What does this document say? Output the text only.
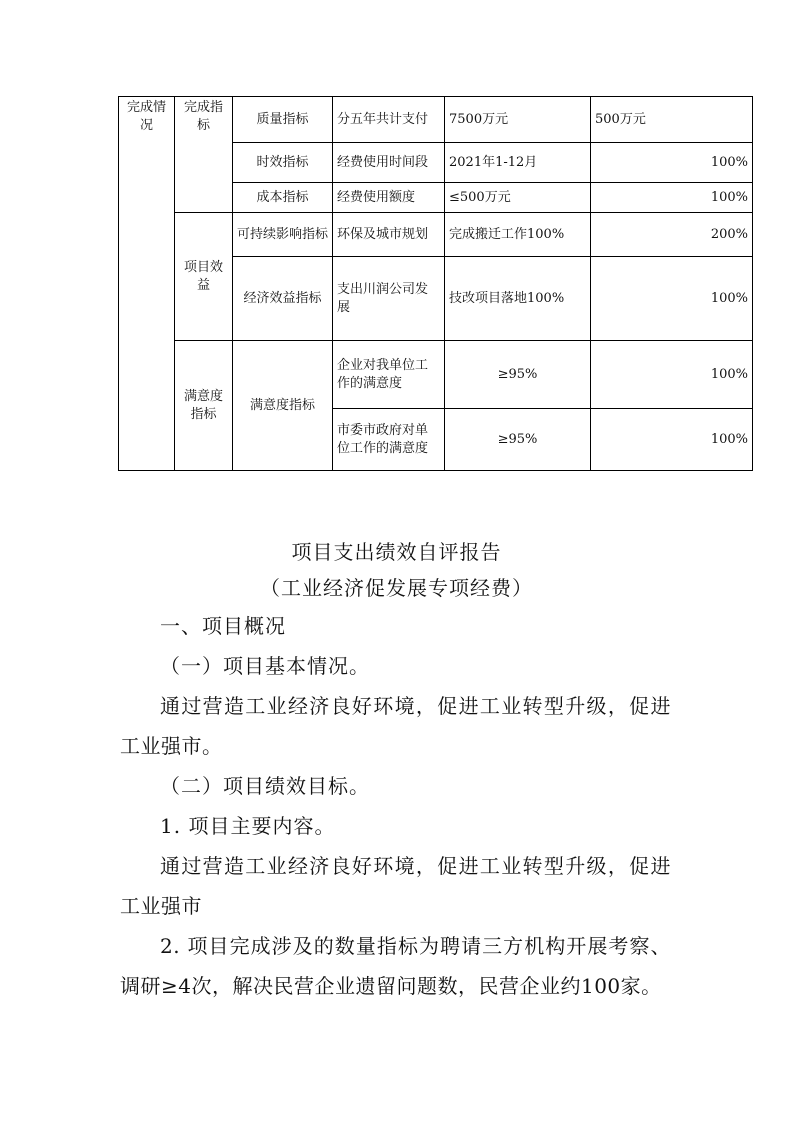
完成情况	完成指标	质量指标	分五年共计支付	7500万元	500万元
		时效指标	经费使用时间段	2021年1-12月	100%
		成本指标	经费使用额度	≤500万元	100%
	项目效益	可持续影响指标	环保及城市规划	完成搬迁工作100%	200%
		经济效益指标	支出川润公司发展	技改项目落地100%	100%
	满意度指标	满意度指标	企业对我单位工作的满意度	≥95%	100%
			市委市政府对单位工作的满意度	≥95%	100%
项目支出绩效自评报告
（工业经济促发展专项经费）

一、项目概况

（一）项目基本情况。

通过营造工业经济良好环境，促进工业转型升级，促进工业强市。

（二）项目绩效目标。

1. 项目主要内容。

通过营造工业经济良好环境，促进工业转型升级，促进工业强市

2. 项目完成涉及的数量指标为聘请三方机构开展考察、调研≥4次，解决民营企业遗留问题数，民营企业约100家。
